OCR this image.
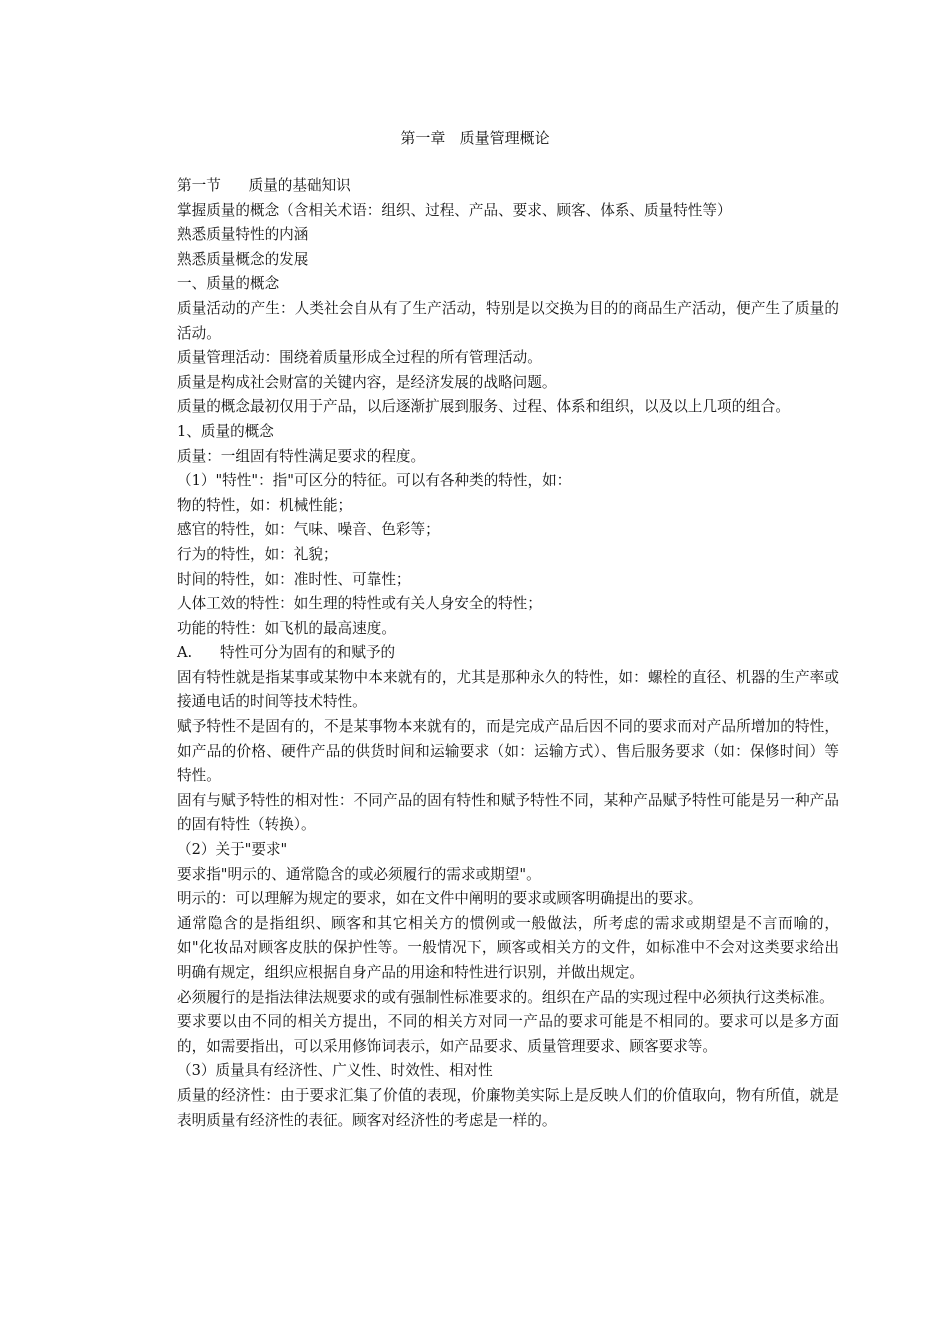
第一章   质量管理概论

第一节      质量的基础知识

掌握质量的概念（含相关术语：组织、过程、产品、要求、顾客、体系、质量特性等）

熟悉质量特性的内涵

熟悉质量概念的发展

一、质量的概念

质量活动的产生：人类社会自从有了生产活动，特别是以交换为目的的商品生产活动，便产生了质量的活动。

质量管理活动：围绕着质量形成全过程的所有管理活动。

质量是构成社会财富的关键内容，是经济发展的战略问题。

质量的概念最初仅用于产品，以后逐渐扩展到服务、过程、体系和组织，以及以上几项的组合。

1、质量的概念

质量：一组固有特性满足要求的程度。

（1）"特性"：指"可区分的特征。可以有各种类的特性，如：

物的特性，如：机械性能；

感官的特性，如：气味、噪音、色彩等；

行为的特性，如：礼貌；

时间的特性，如：准时性、可靠性；

人体工效的特性：如生理的特性或有关人身安全的特性；

功能的特性：如飞机的最高速度。

A.      特性可分为固有的和赋予的

固有特性就是指某事或某物中本来就有的，尤其是那种永久的特性，如：螺栓的直径、机器的生产率或接通电话的时间等技术特性。

赋予特性不是固有的，不是某事物本来就有的，而是完成产品后因不同的要求而对产品所增加的特性，如产品的价格、硬件产品的供货时间和运输要求（如：运输方式）、售后服务要求（如：保修时间）等特性。

固有与赋予特性的相对性：不同产品的固有特性和赋予特性不同，某种产品赋予特性可能是另一种产品的固有特性（转换）。

（2）关于"要求"

要求指"明示的、通常隐含的或必须履行的需求或期望"。

明示的：可以理解为规定的要求，如在文件中阐明的要求或顾客明确提出的要求。

通常隐含的是指组织、顾客和其它相关方的惯例或一般做法，所考虑的需求或期望是不言而喻的，如"化妆品对顾客皮肤的保护性等。一般情况下，顾客或相关方的文件，如标准中不会对这类要求给出明确有规定，组织应根据自身产品的用途和特性进行识别，并做出规定。

必须履行的是指法律法规要求的或有强制性标准要求的。组织在产品的实现过程中必须执行这类标准。

要求要以由不同的相关方提出，不同的相关方对同一产品的要求可能是不相同的。要求可以是多方面的，如需要指出，可以采用修饰词表示，如产品要求、质量管理要求、顾客要求等。

（3）质量具有经济性、广义性、时效性、相对性

质量的经济性：由于要求汇集了价值的表现，价廉物美实际上是反映人们的价值取向，物有所值，就是表明质量有经济性的表征。顾客对经济性的考虑是一样的。
